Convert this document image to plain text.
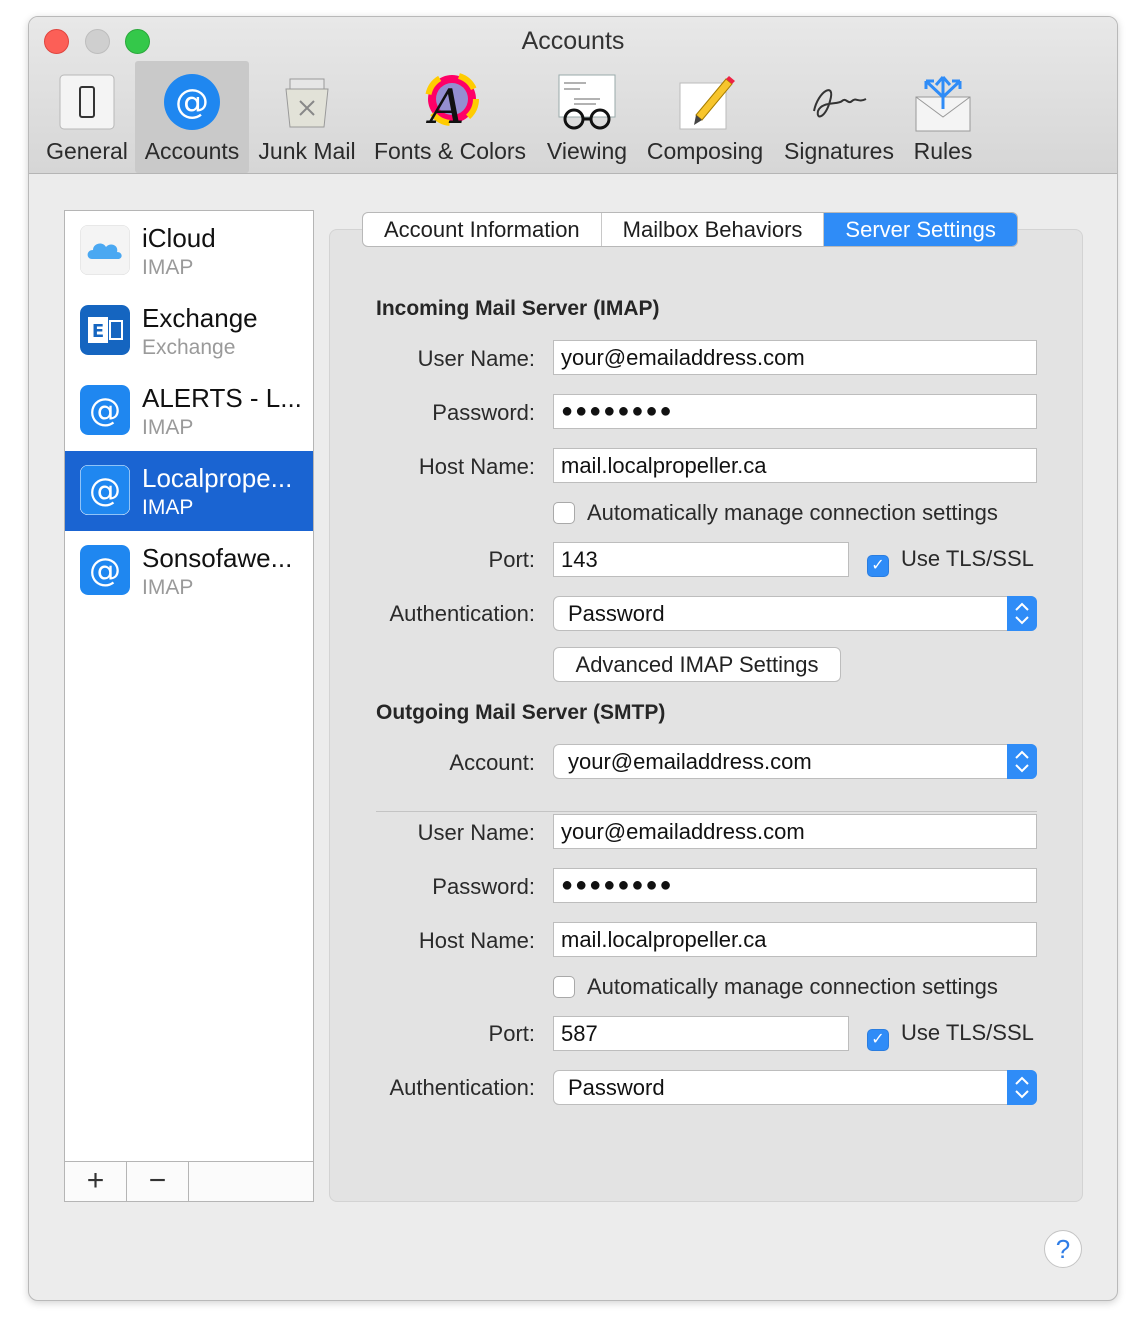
Accounts
General
@
Accounts Junk Mail
A
Fonts & Colors Viewing Composing Signatures Rules
iCloud
IMAP
E Exchange
Exchange
@ ALERTS - L...
IMAP
@ Localprope...
IMAP
@ Sonsofawe...
IMAP
+	−
Account Information	Mailbox Behaviors	Server Settings
Incoming Mail Server (IMAP)
User Name:	your@emailaddress.com
Password:	●●●●●●●●
Host Name:	mail.localpropeller.ca
Automatically manage connection settings
Port:	143	✓ Use TLS/SSL
Authentication:	Password
Advanced IMAP Settings
Outgoing Mail Server (SMTP)
Account:	your@emailaddress.com
User Name:	your@emailaddress.com
Password:	●●●●●●●●
Host Name:	mail.localpropeller.ca
Automatically manage connection settings
Port:	587	✓ Use TLS/SSL
Authentication:	Password
?
